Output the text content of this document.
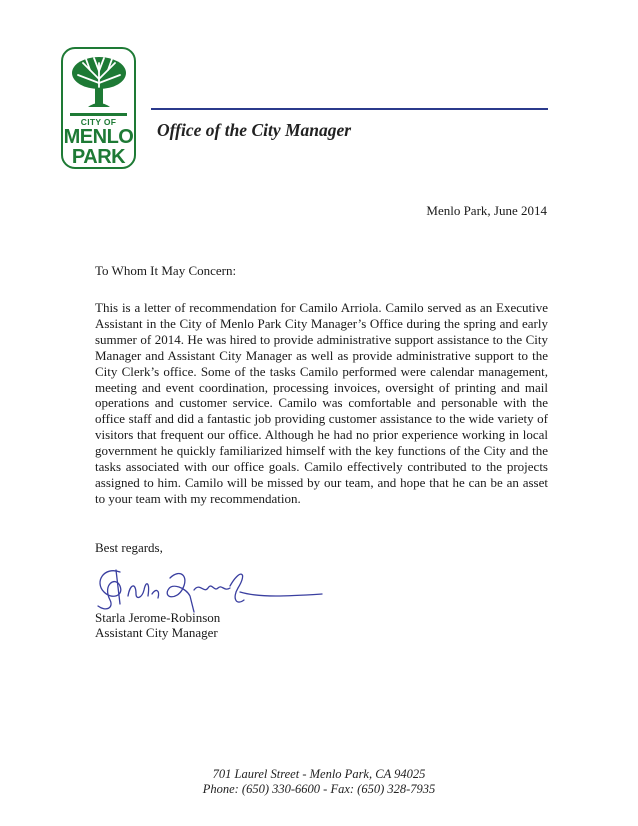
CITY OF
MENLO
PARK
Office of the City Manager
Menlo Park, June 2014
To Whom It May Concern:
This is a letter of recommendation for Camilo Arriola. Camilo served as an Executive Assistant in the City of Menlo Park City Manager’s Office during the spring and early summer of 2014. He was hired to provide administrative support assistance to the City Manager and Assistant City Manager as well as provide administrative support to the City Clerk’s office. Some of the tasks Camilo performed were calendar management, meeting and event coordination, processing invoices, oversight of printing and mail operations and customer service. Camilo was comfortable and personable with the office staff and did a fantastic job providing customer assistance to the wide variety of visitors that frequent our office. Although he had no prior experience working in local government he quickly familiarized himself with the key functions of the City and the tasks associated with our office goals. Camilo effectively contributed to the projects assigned to him. Camilo will be missed by our team, and hope that he can be an asset to your team with my recommendation.
Best regards,
Starla Jerome-Robinson
Assistant City Manager
701 Laurel Street - Menlo Park, CA 94025
Phone: (650) 330-6600 - Fax: (650) 328-7935
